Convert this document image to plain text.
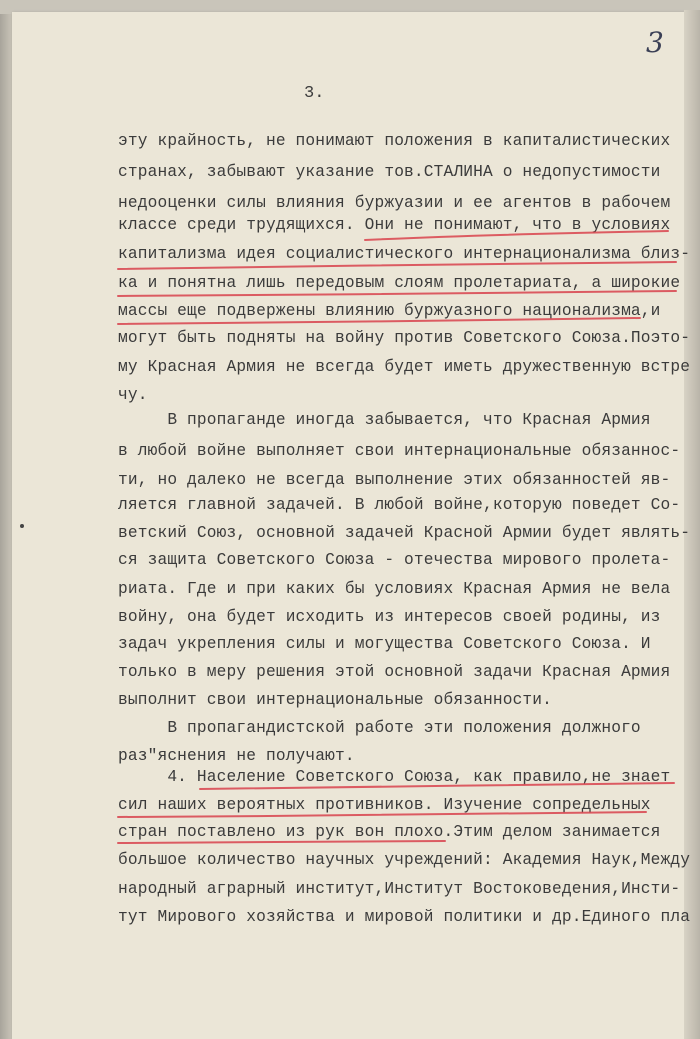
3
3.
эту крайность, не понимают положения в капиталистических
странах, забывают указание тов.СТАЛИНА о недопустимости
недооценки силы влияния буржуазии и ее агентов в рабочем
классе среди трудящихся. Они не понимают, что в условиях
капитализма идея социалистического интернационализма близ-
ка и понятна лишь передовым слоям пролетариата, а широкие
массы еще подвержены влиянию буржуазного национализма,и
могут быть подняты на войну против Советского Союза.Поэто-
му Красная Армия не всегда будет иметь дружественную встре
чу.
В пропаганде иногда забывается, что Красная Армия
в любой войне выполняет свои интернациональные обязаннос-
ти, но далеко не всегда выполнение этих обязанностей яв-
ляется главной задачей. В любой войне,которую поведет Со-
ветский Союз, основной задачей Красной Армии будет являть-
ся защита Советского Союза - отечества мирового пролета-
риата. Где и при каких бы условиях Красная Армия не вела
войну, она будет исходить из интересов своей родины, из
задач укрепления силы и могущества Советского Союза. И
только в меру решения этой основной задачи Красная Армия
выполнит свои интернациональные обязанности.
В пропагандистской работе эти положения должного
раз"яснения не получают.
4. Население Советского Союза, как правило,не знает
сил наших вероятных противников. Изучение сопредельных
стран поставлено из рук вон плохо.Этим делом занимается
большое количество научных учреждений: Академия Наук,Между
народный аграрный институт,Институт Востоковедения,Инсти-
тут Мирового хозяйства и мировой политики и др.Единого пла
